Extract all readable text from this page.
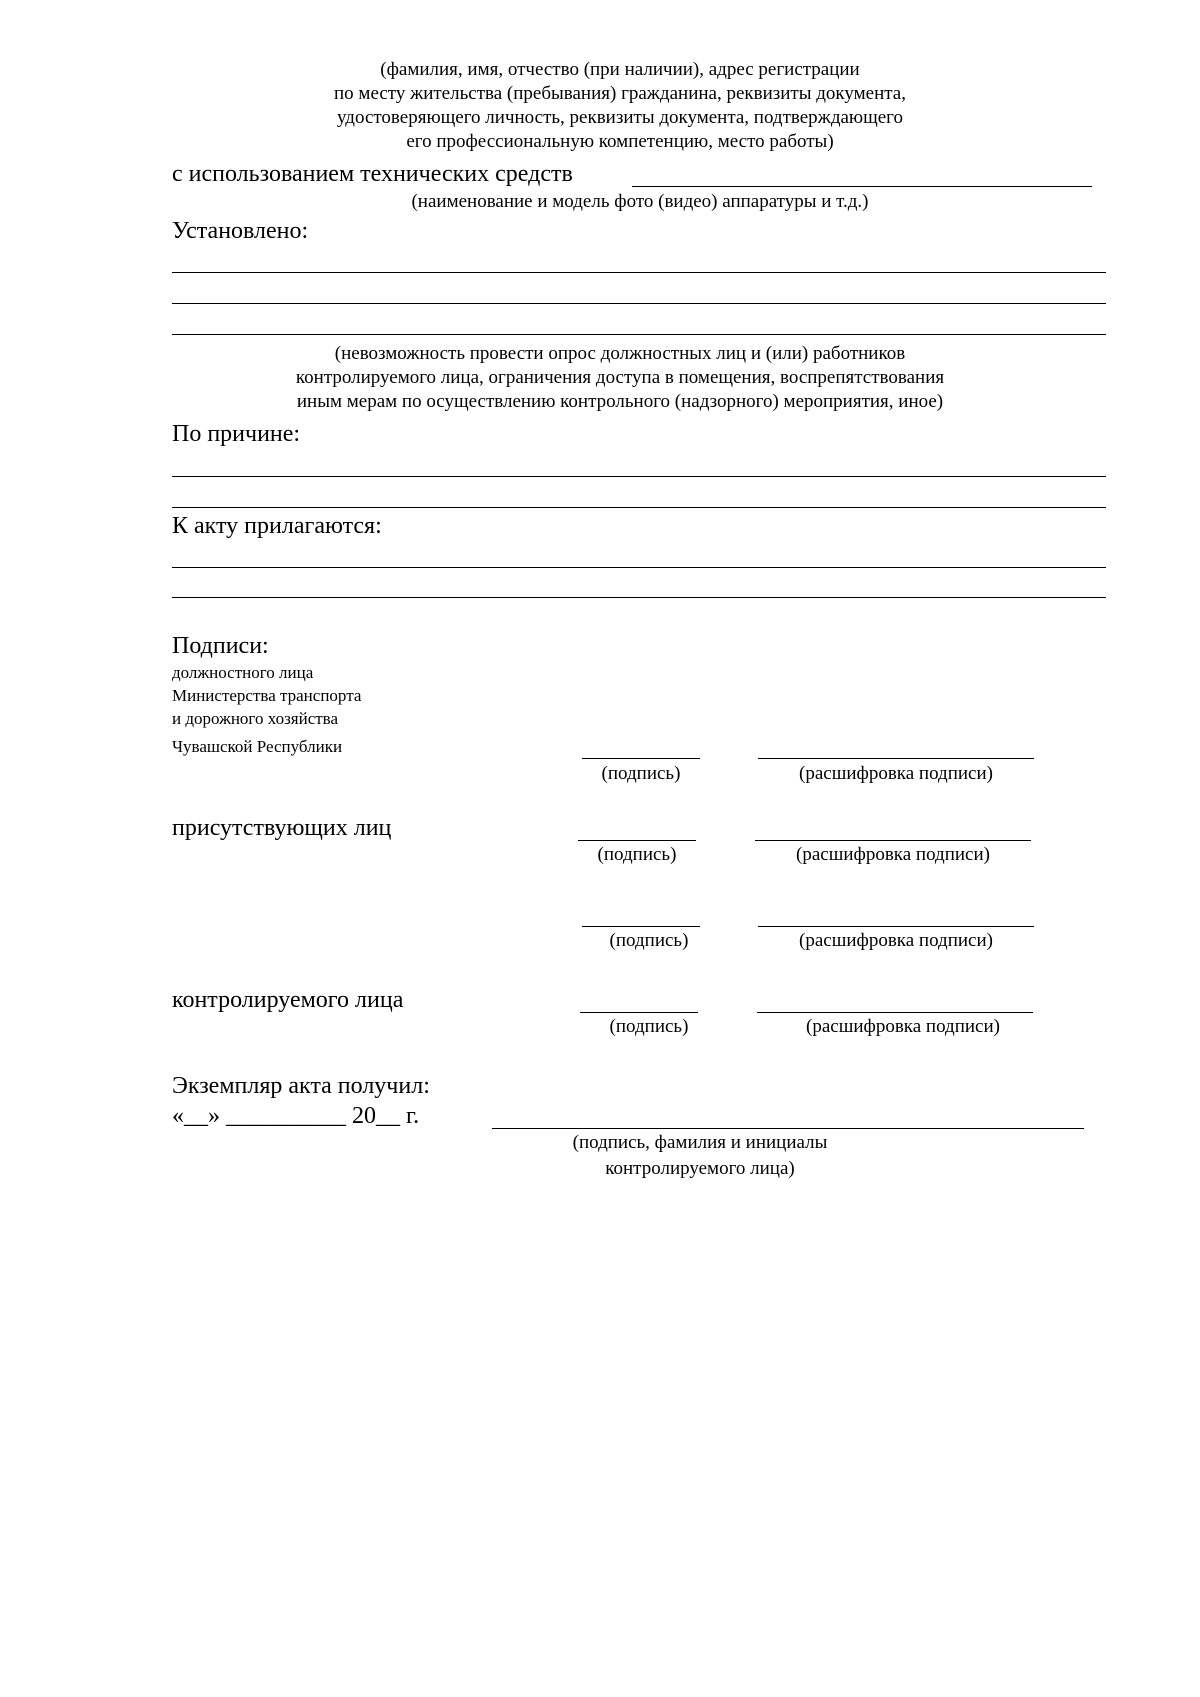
(фамилия, имя, отчество (при наличии), адрес регистрации
по месту жительства (пребывания) гражданина, реквизиты документа,
удостоверяющего личность, реквизиты документа, подтверждающего
его профессиональную компетенцию, место работы)
с использованием технических средств
(наименование и модель фото (видео) аппаратуры и т.д.)
Установлено:
(невозможность провести опрос должностных лиц и (или) работников
контролируемого лица, ограничения доступа в помещения, воспрепятствования
иным мерам по осуществлению контрольного (надзорного) мероприятия, иное)
По причине:
К акту прилагаются:
Подписи:
должностного лица
Министерства транспорта
и дорожного хозяйства
Чувашской Республики
(подпись)	(расшифровка подписи)
присутствующих лиц
(подпись)	(расшифровка подписи)
(подпись)	(расшифровка подписи)
контролируемого лица
(подпись)	(расшифровка подписи)
Экземпляр акта получил:
«__» __________ 20__ г.
(подпись, фамилия и инициалы
контролируемого лица)
